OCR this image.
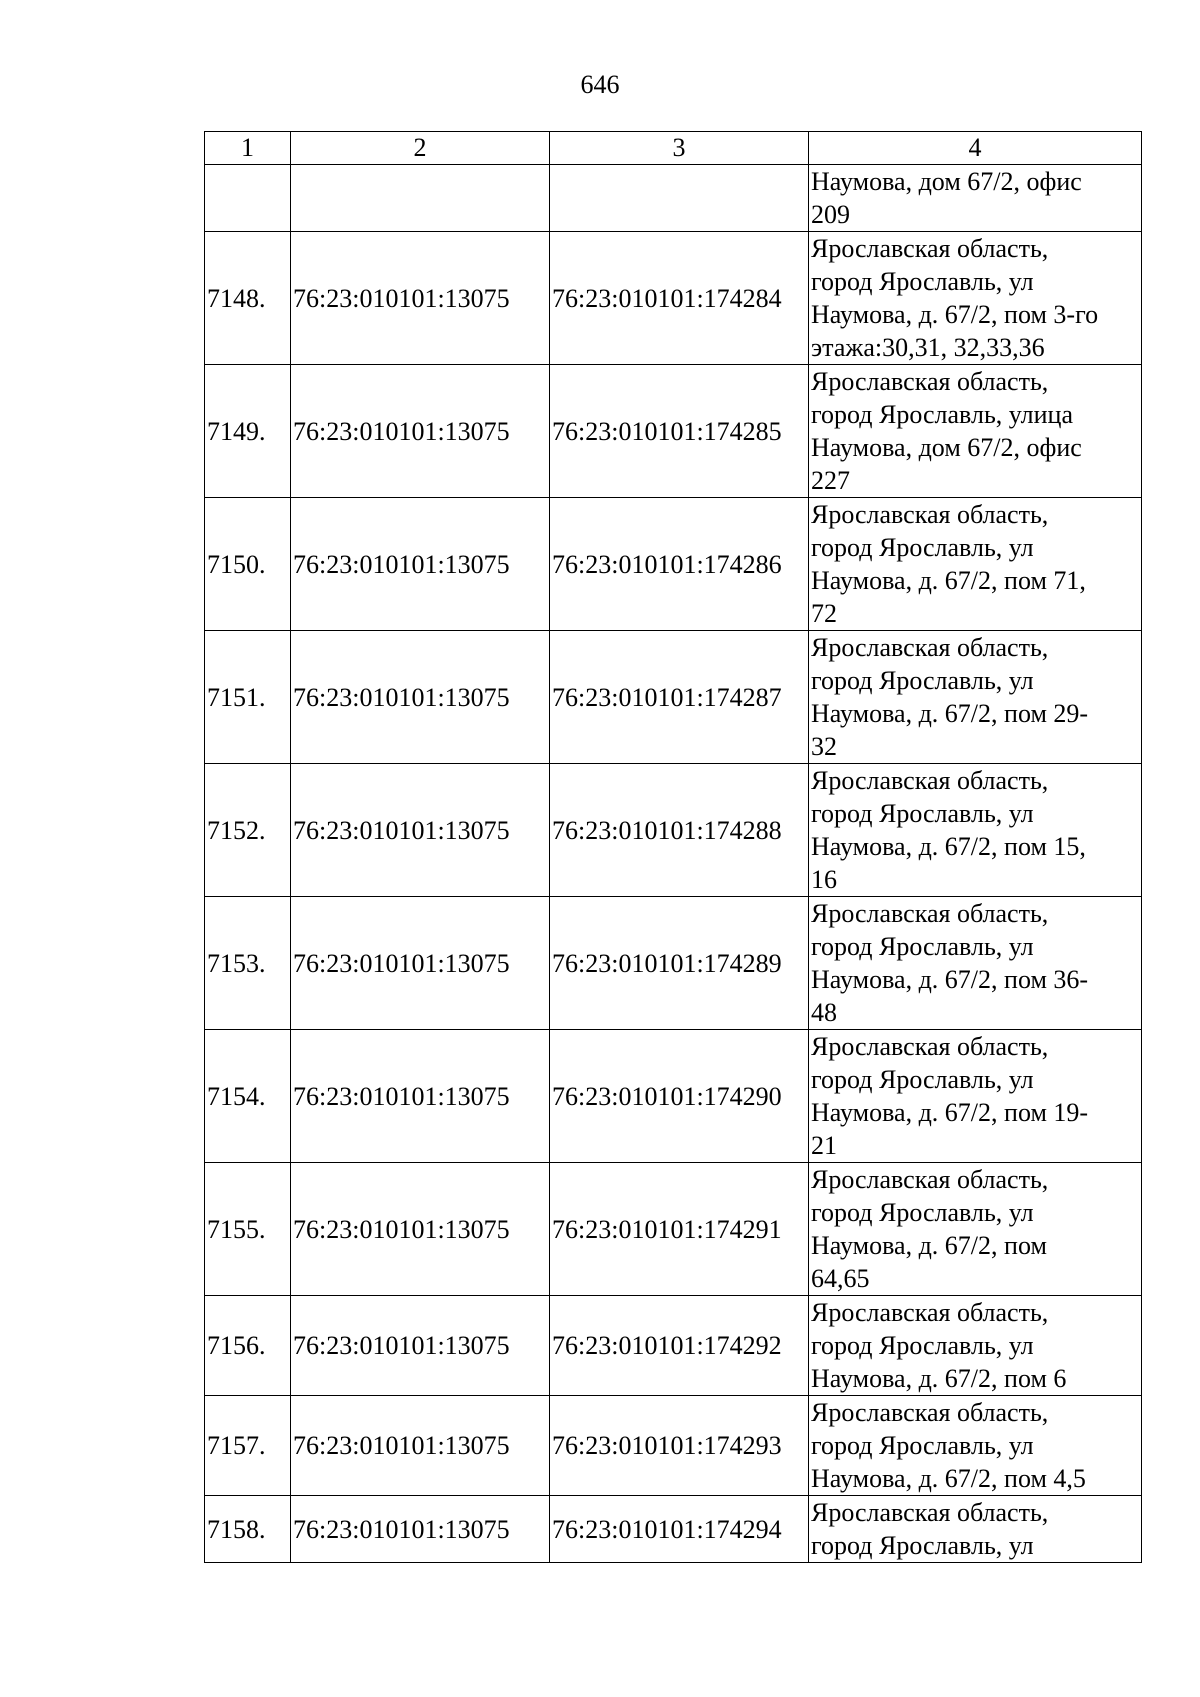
646
1	2	3	4

			Наумова, дом 67/2, офис
209

7148.	76:23:010101:13075	76:23:010101:174284	Ярославская область,
город Ярославль, ул
Наумова, д. 67/2, пом 3-го
этажа:30,31, 32,33,36

7149.	76:23:010101:13075	76:23:010101:174285	Ярославская область,
город Ярославль, улица
Наумова, дом 67/2, офис
227

7150.	76:23:010101:13075	76:23:010101:174286	Ярославская область,
город Ярославль, ул
Наумова, д. 67/2, пом 71,
72

7151.	76:23:010101:13075	76:23:010101:174287	Ярославская область,
город Ярославль, ул
Наумова, д. 67/2, пом 29-
32

7152.	76:23:010101:13075	76:23:010101:174288	Ярославская область,
город Ярославль, ул
Наумова, д. 67/2, пом 15,
16

7153.	76:23:010101:13075	76:23:010101:174289	Ярославская область,
город Ярославль, ул
Наумова, д. 67/2, пом 36-
48

7154.	76:23:010101:13075	76:23:010101:174290	Ярославская область,
город Ярославль, ул
Наумова, д. 67/2, пом 19-
21

7155.	76:23:010101:13075	76:23:010101:174291	Ярославская область,
город Ярославль, ул
Наумова, д. 67/2, пом
64,65

7156.	76:23:010101:13075	76:23:010101:174292	Ярославская область,
город Ярославль, ул
Наумова, д. 67/2, пом 6

7157.	76:23:010101:13075	76:23:010101:174293	Ярославская область,
город Ярославль, ул
Наумова, д. 67/2, пом 4,5

7158.	76:23:010101:13075	76:23:010101:174294	Ярославская область,
город Ярославль, ул
